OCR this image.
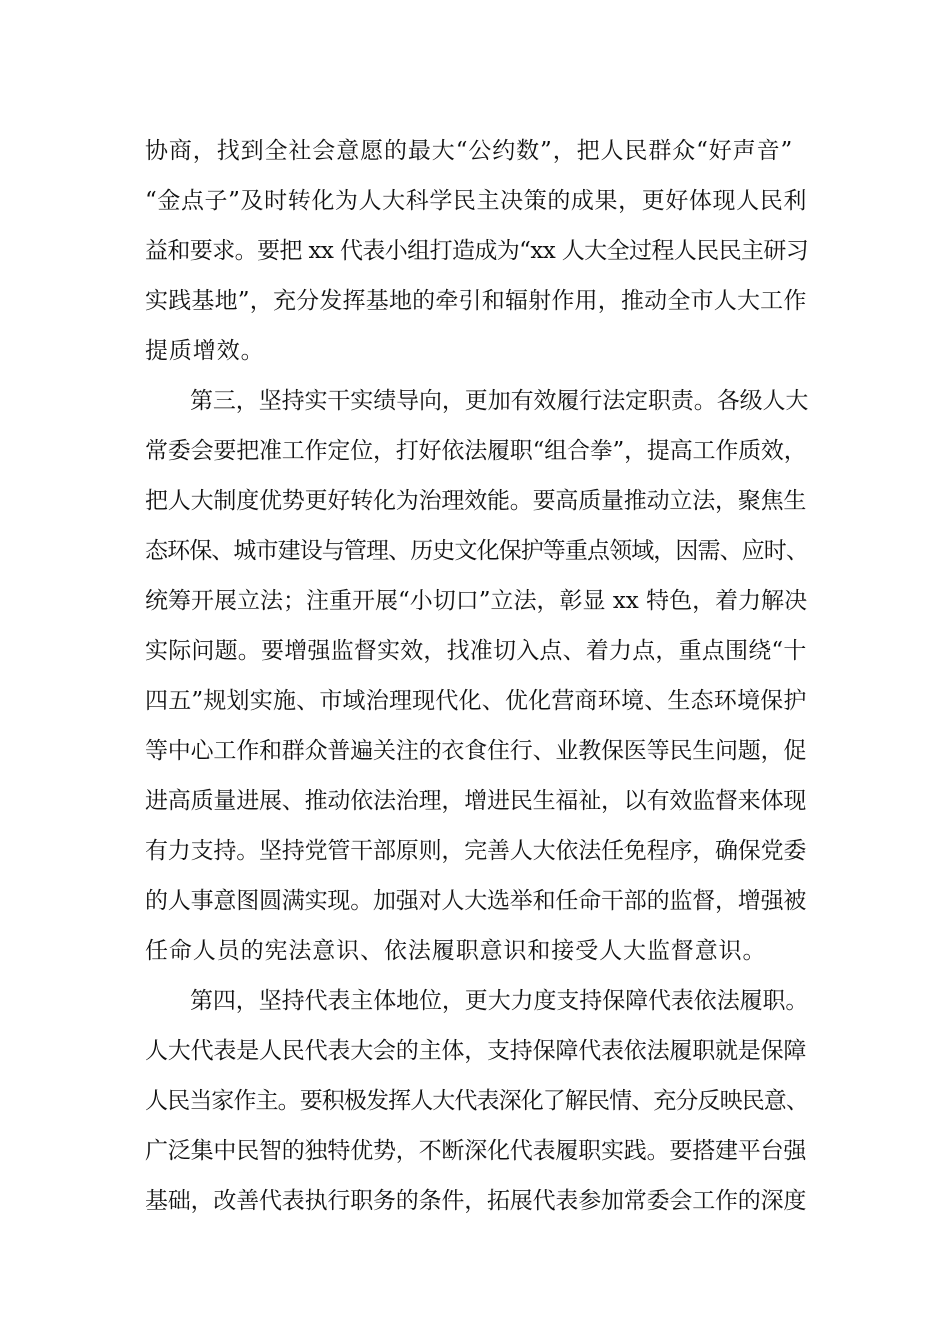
协商，找到全社会意愿的最大“公约数”，把人民群众“好声音”
“金点子”及时转化为人大科学民主决策的成果，更好体现人民利
益和要求。要把 xx 代表小组打造成为“xx 人大全过程人民民主研习
实践基地”，充分发挥基地的牵引和辐射作用，推动全市人大工作
提质增效。
第三，坚持实干实绩导向，更加有效履行法定职责。各级人大
常委会要把准工作定位，打好依法履职“组合拳”，提高工作质效，
把人大制度优势更好转化为治理效能。要高质量推动立法，聚焦生
态环保、城市建设与管理、历史文化保护等重点领域，因需、应时、
统筹开展立法；注重开展“小切口”立法，彰显 xx 特色，着力解决
实际问题。要增强监督实效，找准切入点、着力点，重点围绕“十
四五”规划实施、市域治理现代化、优化营商环境、生态环境保护
等中心工作和群众普遍关注的衣食住行、业教保医等民生问题，促
进高质量进展、推动依法治理，增进民生福祉，以有效监督来体现
有力支持。坚持党管干部原则，完善人大依法任免程序，确保党委
的人事意图圆满实现。加强对人大选举和任命干部的监督，增强被
任命人员的宪法意识、依法履职意识和接受人大监督意识。
第四，坚持代表主体地位，更大力度支持保障代表依法履职。
人大代表是人民代表大会的主体，支持保障代表依法履职就是保障
人民当家作主。要积极发挥人大代表深化了解民情、充分反映民意、
广泛集中民智的独特优势，不断深化代表履职实践。要搭建平台强
基础，改善代表执行职务的条件，拓展代表参加常委会工作的深度
